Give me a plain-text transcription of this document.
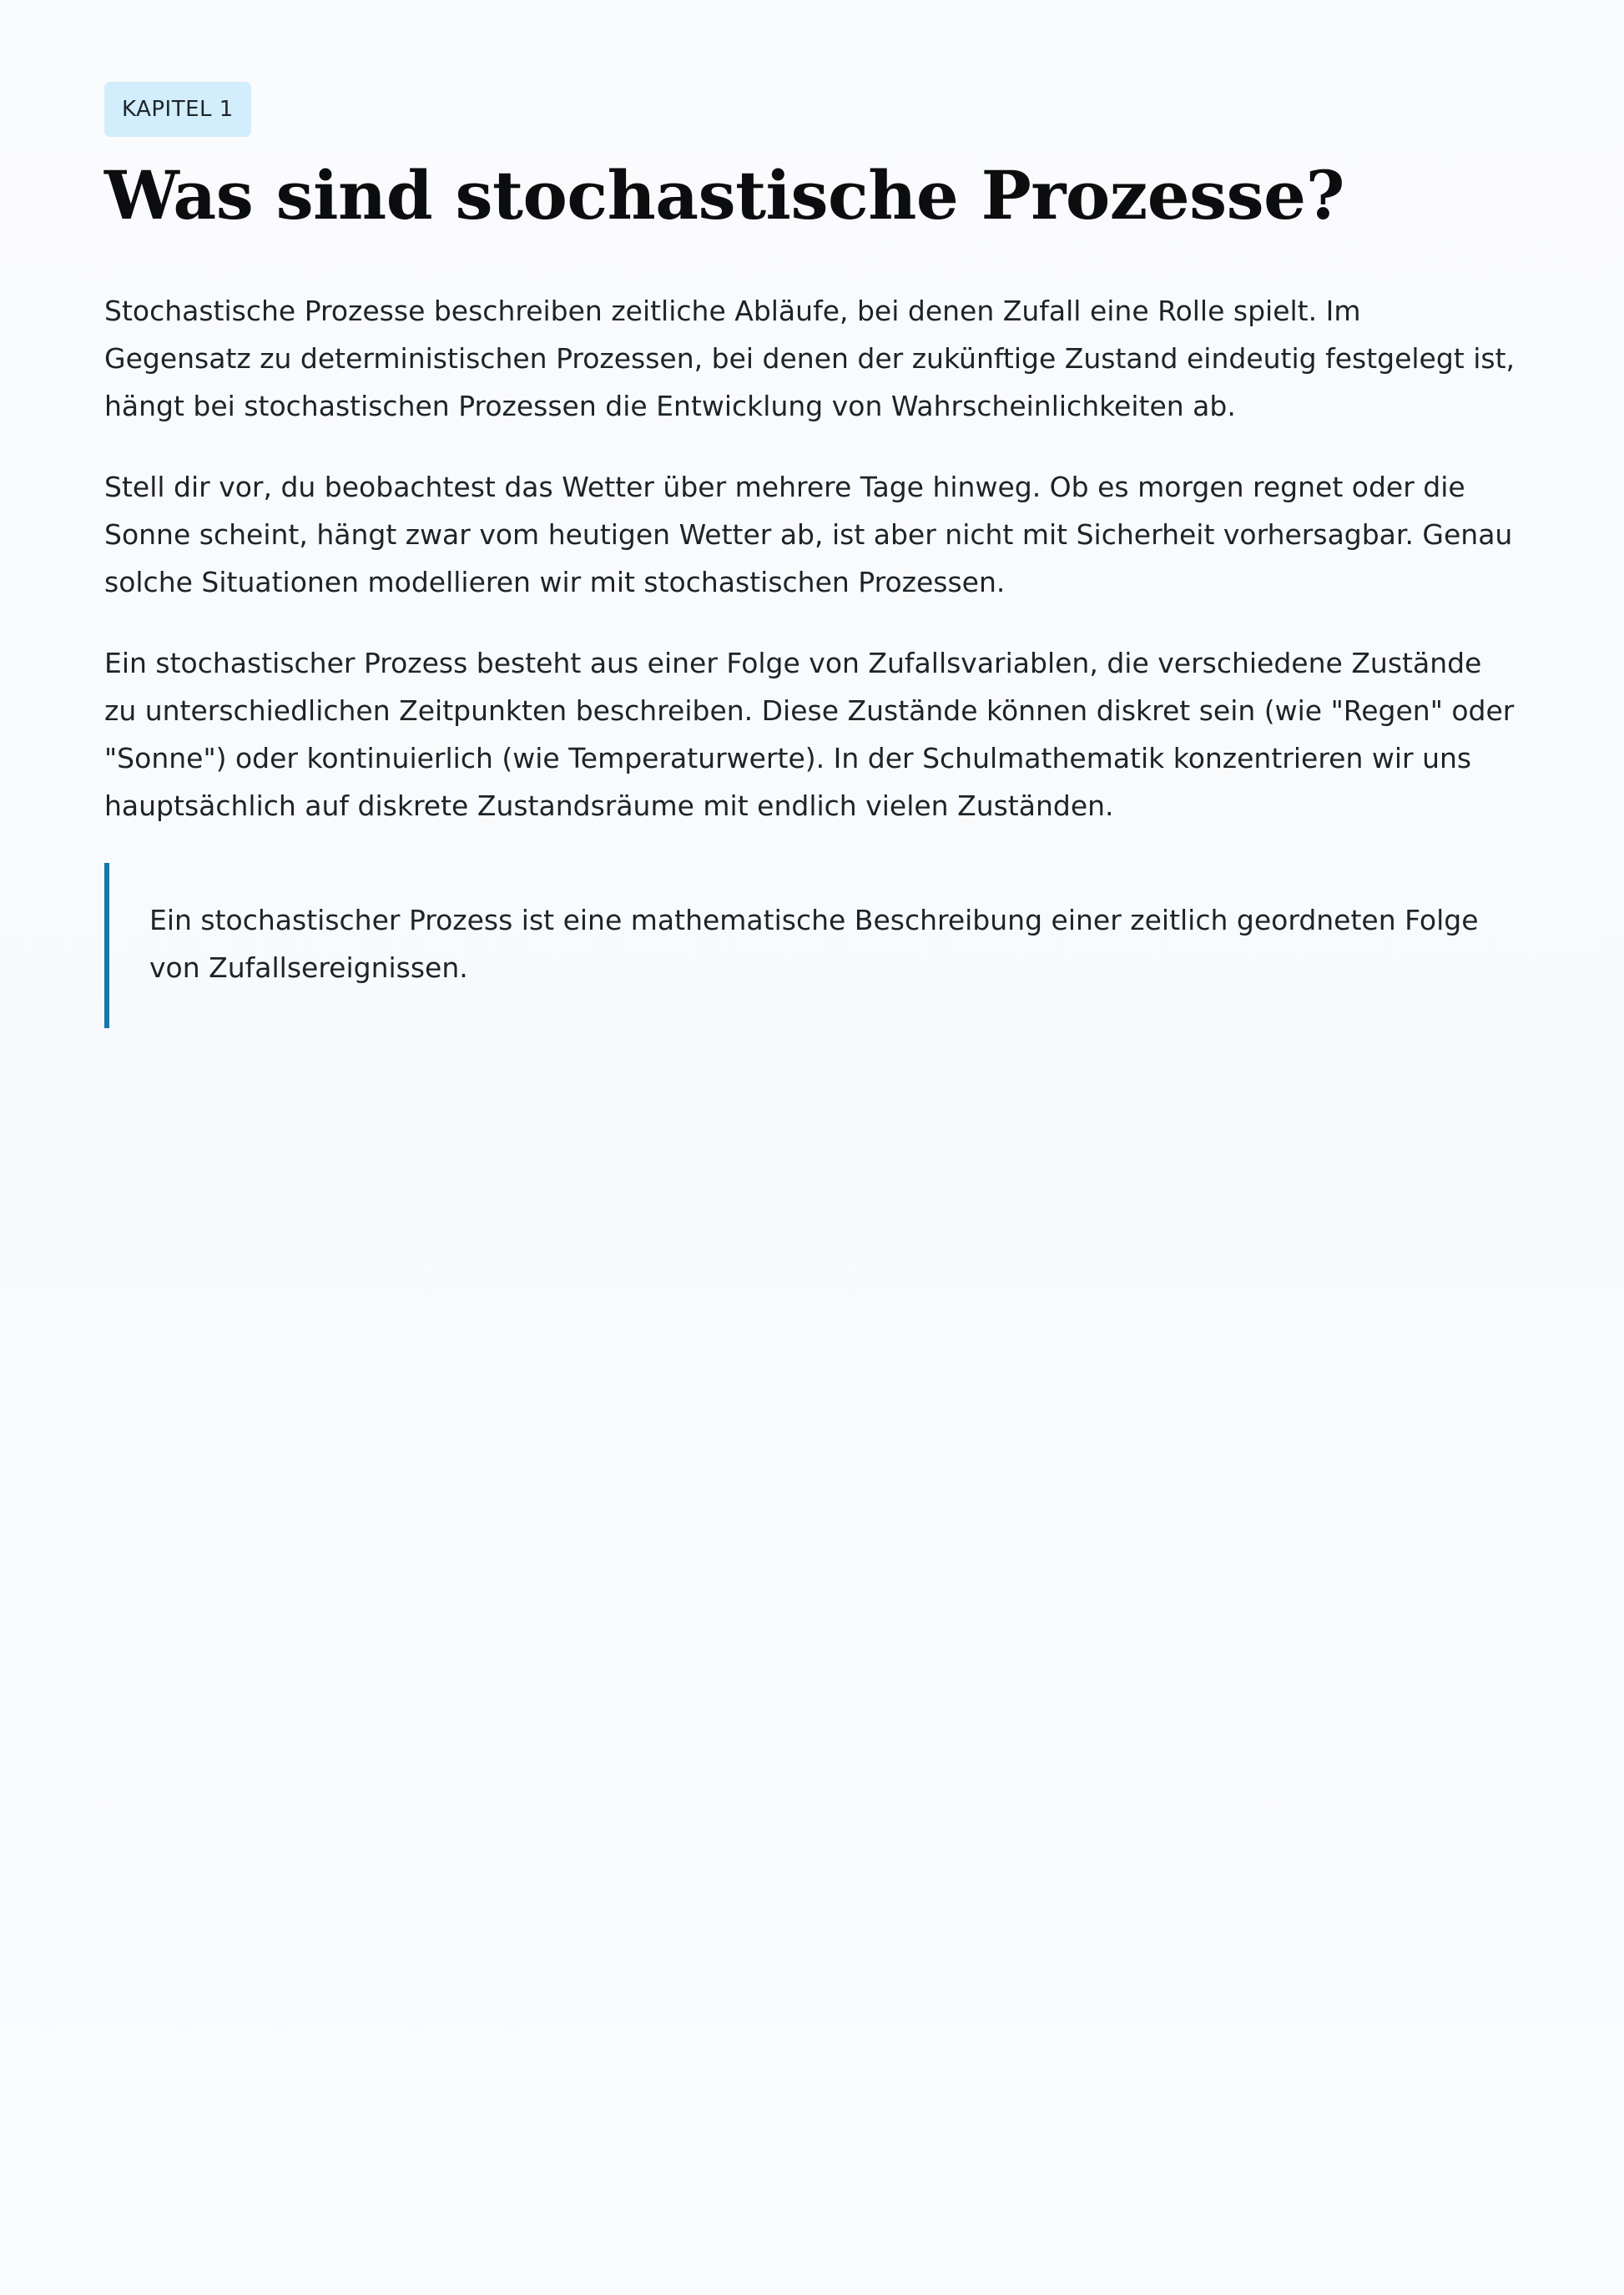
KAPITEL 1
Was sind stochastische Prozesse?

Stochastische Prozesse beschreiben zeitliche Abläufe, bei denen Zufall eine Rolle spielt. Im Gegensatz zu deterministischen Prozessen, bei denen der zukünftige Zustand eindeutig festgelegt ist, hängt bei stochastischen Prozessen die Entwicklung von Wahrscheinlichkeiten ab.

Stell dir vor, du beobachtest das Wetter über mehrere Tage hinweg. Ob es morgen regnet oder die Sonne scheint, hängt zwar vom heutigen Wetter ab, ist aber nicht mit Sicherheit vorhersagbar. Genau solche Situationen modellieren wir mit stochastischen Prozessen.

Ein stochastischer Prozess besteht aus einer Folge von Zufallsvariablen, die verschiedene Zustände zu unterschiedlichen Zeitpunkten beschreiben. Diese Zustände können diskret sein (wie "Regen" oder "Sonne") oder kontinuierlich (wie Temperaturwerte). In der Schulmathematik konzentrieren wir uns hauptsächlich auf diskrete Zustandsräume mit endlich vielen Zuständen.

Ein stochastischer Prozess ist eine mathematische Beschreibung einer zeitlich geordneten Folge von Zufallsereignissen.
